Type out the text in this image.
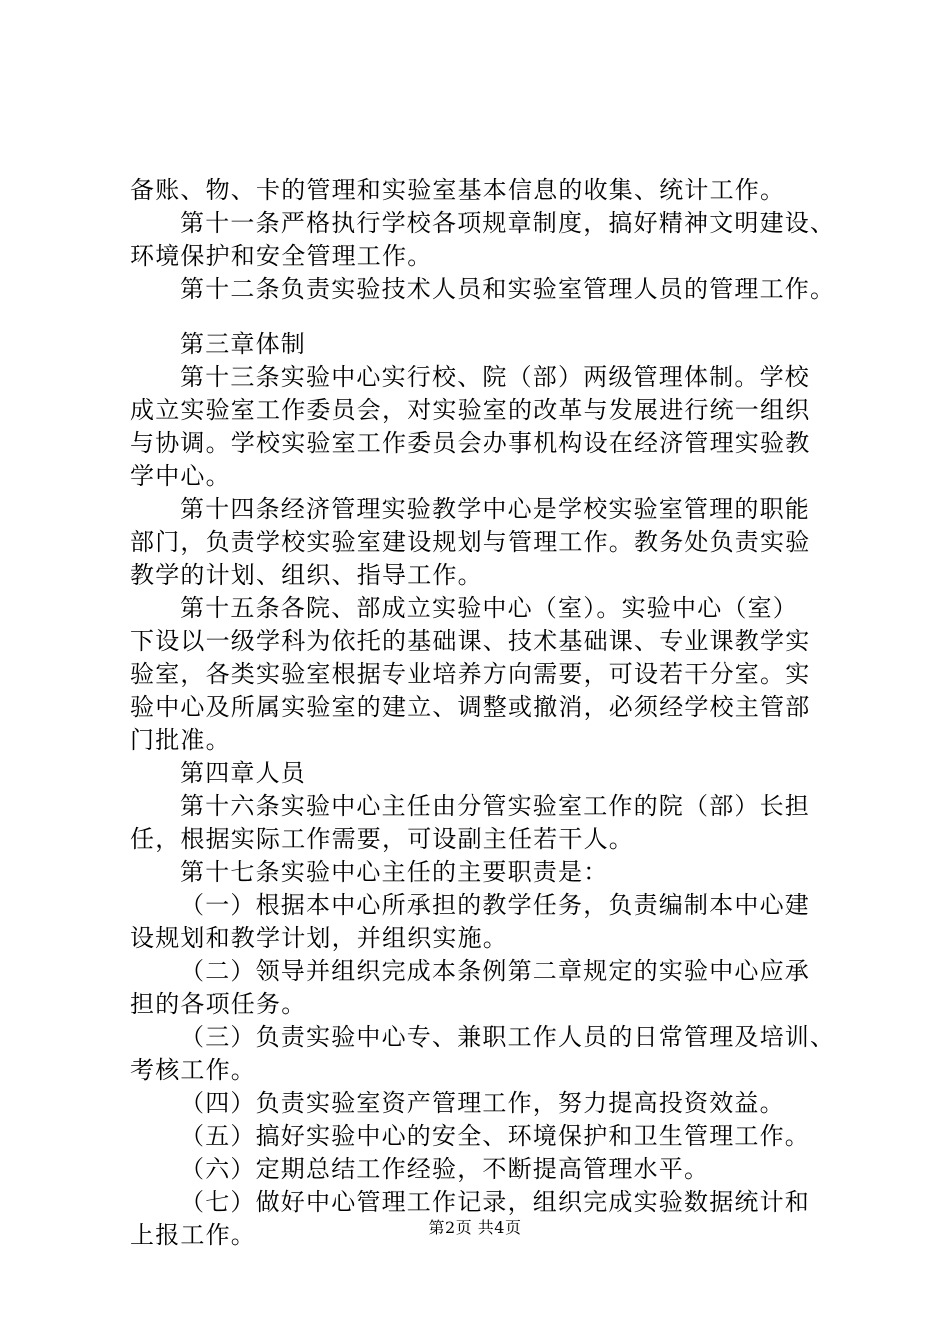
备账、物、卡的管理和实验室基本信息的收集、统计工作。
第十一条严格执行学校各项规章制度，搞好精神文明建设、
环境保护和安全管理工作。
第十二条负责实验技术人员和实验室管理人员的管理工作。
第三章体制
第十三条实验中心实行校、院（部）两级管理体制。学校
成立实验室工作委员会，对实验室的改革与发展进行统一组织
与协调。学校实验室工作委员会办事机构设在经济管理实验教
学中心。
第十四条经济管理实验教学中心是学校实验室管理的职能
部门，负责学校实验室建设规划与管理工作。教务处负责实验
教学的计划、组织、指导工作。
第十五条各院、部成立实验中心（室）。实验中心（室）
下设以一级学科为依托的基础课、技术基础课、专业课教学实
验室，各类实验室根据专业培养方向需要，可设若干分室。实
验中心及所属实验室的建立、调整或撤消，必须经学校主管部
门批准。
第四章人员
第十六条实验中心主任由分管实验室工作的院（部）长担
任，根据实际工作需要，可设副主任若干人。
第十七条实验中心主任的主要职责是：
（一）根据本中心所承担的教学任务，负责编制本中心建
设规划和教学计划，并组织实施。
（二）领导并组织完成本条例第二章规定的实验中心应承
担的各项任务。
（三）负责实验中心专、兼职工作人员的日常管理及培训、
考核工作。
（四）负责实验室资产管理工作，努力提高投资效益。
（五）搞好实验中心的安全、环境保护和卫生管理工作。
（六）定期总结工作经验，不断提高管理水平。
（七）做好中心管理工作记录，组织完成实验数据统计和
上报工作。	第2页 共4页
